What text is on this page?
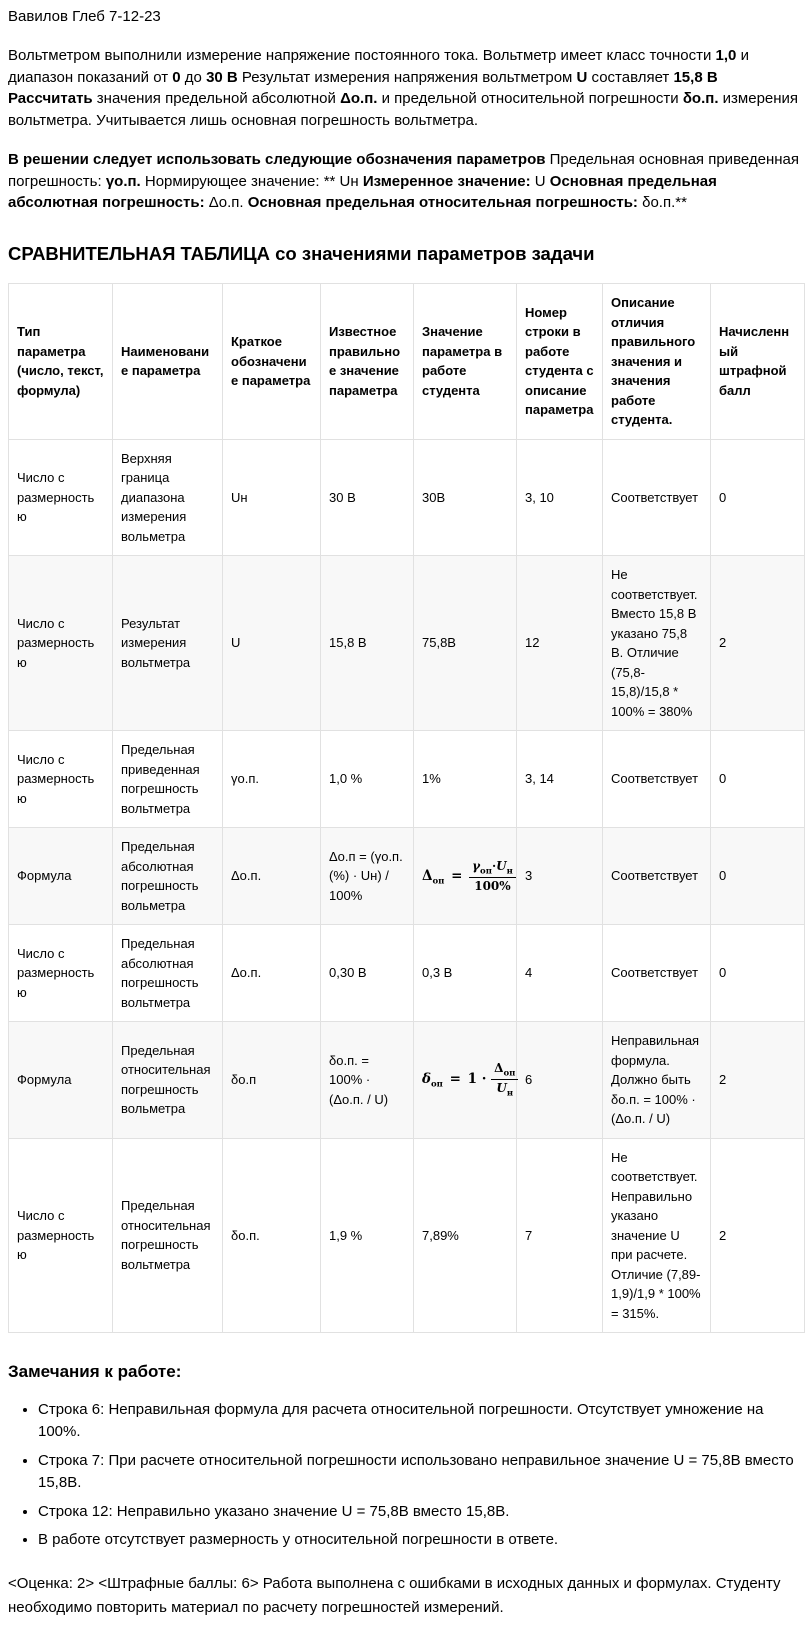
Вавилов Глеб 7-12-23

Вольтметром выполнили измерение напряжение постоянного тока. Вольтметр имеет класс точности 1,0 и диапазон показаний от 0 до 30 В Результат измерения напряжения вольтметром U составляет 15,8 В Рассчитать значения предельной абсолютной Δо.п. и предельной относительной погрешности δо.п. измерения вольтметра. Учитывается лишь основная погрешность вольтметра.

В решении следует использовать следующие обозначения параметров Предельная основная приведенная погрешность: γо.п. Нормирующее значение: ** Uн Измеренное значение: U Основная предельная абсолютная погрешность: Δо.п. Основная предельная относительная погрешность: δо.п.**

СРАВНИТЕЛЬНАЯ ТАБЛИЦА со значениями параметров задачи
Тип параметра (число, текст, формула)	Наименование параметра	Краткое обозначение параметра	Известное правильное значение параметра	Значение параметра в работе студента	Номер строки в работе студента с описание параметра	Описание отличия правильного значения и значения работе студента.	Начисленный штрафной балл
Число с размерностью	Верхняя граница диапазона измерения вольметра	Uн	30 В	30В	3, 10	Соответствует	0
Число с размерностью	Результат измерения вольтметра	U	15,8 В	75,8В	12	Не соответствует. Вместо 15,8 В указано 75,8 В. Отличие (75,8-15,8)/15,8 * 100% = 380%	2
Число с размерностью	Предельная приведенная погрешность вольтметра	γо.п.	1,0 %	1%	3, 14	Соответствует	0
Формула	Предельная абсолютная погрешность вольметра	Δо.п.	Δо.п = (γо.п. (%) · Uн) / 100%	$\Delta_{оп} = \frac{\gamma_{оп}\cdot U_н}{100\%}$	3	Соответствует	0
Число с размерностью	Предельная абсолютная погрешность вольтметра	Δо.п.	0,30 В	0,3 В	4	Соответствует	0
Формула	Предельная относительная погрешность вольметра	δо.п	δо.п. = 100% · (Δо.п. / U)	$\delta_{оп} = 1 \cdot \frac{\Delta_{оп}}{U_н}$	6	Неправильная формула. Должно быть δо.п. = 100% · (Δо.п. / U)	2
Число с размерностью	Предельная относительная погрешность вольтметра	δо.п.	1,9 %	7,89%	7	Не соответствует. Неправильно указано значение U при расчете. Отличие (7,89-1,9)/1,9 * 100% = 315%.	2
Замечания к работе:
• Строка 6: Неправильная формула для расчета относительной погрешности. Отсутствует умножение на 100%.
• Строка 7: При расчете относительной погрешности использовано неправильное значение U = 75,8В вместо 15,8В.
• Строка 12: Неправильно указано значение U = 75,8В вместо 15,8В.
• В работе отсутствует размерность у относительной погрешности в ответе.

<Оценка: 2> <Штрафные баллы: 6> Работа выполнена с ошибками в исходных данных и формулах. Студенту необходимо повторить материал по расчету погрешностей измерений.
